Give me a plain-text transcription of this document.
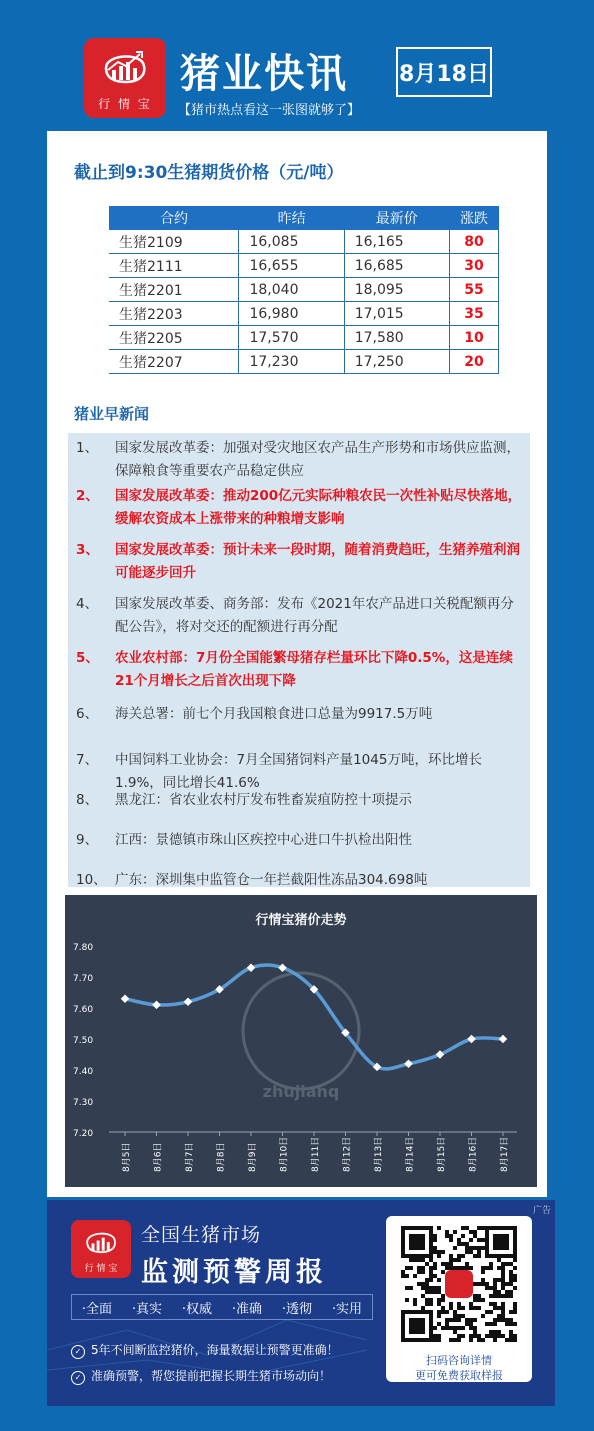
行 情 宝
猪业快讯
【猪市热点看这一张图就够了】
8月18日
截止到9:30生猪期货价格（元/吨）
合约	昨结	最新价	涨跌
生猪2109	16,085	16,165	80
生猪2111	16,655	16,685	30
生猪2201	18,040	18,095	55
生猪2203	16,980	17,015	35
生猪2205	17,570	17,580	10
生猪2207	17,230	17,250	20
猪业早新闻
1、	国家发展改革委：加强对受灾地区农产品生产形势和市场供应监测，保障粮食等重要农产品稳定供应
2、	国家发展改革委：推动200亿元实际种粮农民一次性补贴尽快落地，缓解农资成本上涨带来的种粮增支影响
3、	国家发展改革委：预计未来一段时期，随着消费趋旺，生猪养殖利润可能逐步回升
4、	国家发展改革委、商务部：发布《2021年农产品进口关税配额再分配公告》，将对交还的配额进行再分配
5、	农业农村部：7月份全国能繁母猪存栏量环比下降0.5%，这是连续21个月增长之后首次出现下降
6、	海关总署：前七个月我国粮食进口总量为9917.5万吨
7、	中国饲料工业协会：7月全国猪饲料产量1045万吨，环比增长1.9%，同比增长41.6%
8、	黑龙江：省农业农村厅发布牲畜炭疽防控十项提示
9、	江西：景德镇市珠山区疾控中心进口牛扒检出阳性
10、 广东：深圳集中监管仓一年拦截阳性冻品304.698吨
行情宝猪价走势
zhujiahq
7.80
7.70
7.60
7.50
7.40
7.30
7.20
8月5日 8月6日 8月7日 8月8日 8月9日 8月10日 8月11日 8月12日 8月13日 8月14日 8月15日 8月16日 8月17日
广告
行 情 宝
全国生猪市场
监测预警周报
·全面 ·真实 ·权威 ·准确 ·透彻 ·实用
✓ 5年不间断监控猪价，海量数据让预警更准确！
✓ 准确预警，帮您提前把握长期生猪市场动向！
扫码咨询详情
更可免费获取样报
